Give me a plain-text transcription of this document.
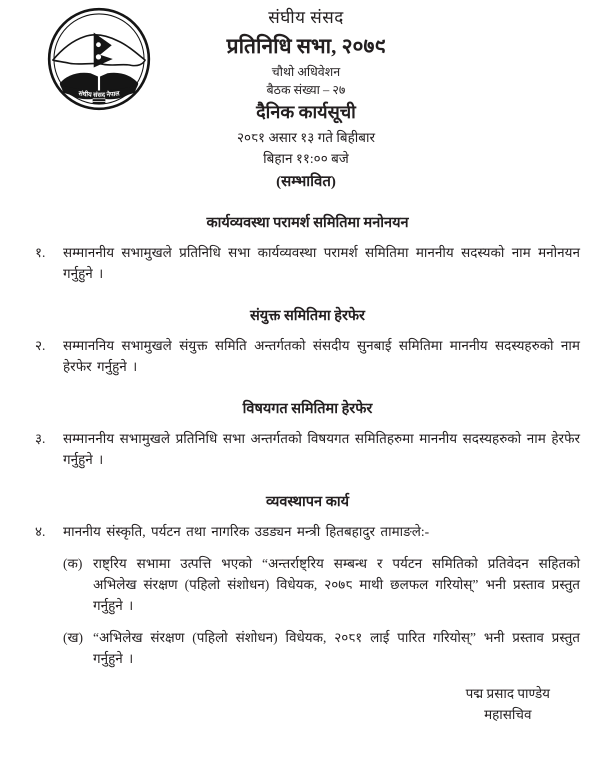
संघीय संसद नेपाल
संघीय संसद
प्रतिनिधि सभा, २०७९
चौथो अधिवेशन
बैठक संख्या – २७
दैनिक कार्यसूची
२०८१ असार १३ गते बिहीबार
बिहान ११:०० बजे
(सम्भावित)
कार्यव्यवस्था परामर्श समितिमा मनोनयन
१.	सम्माननीय सभामुखले प्रतिनिधि सभा कार्यव्यवस्था परामर्श समितिमा माननीय सदस्यको नाम मनोनयन गर्नुहुने ।

संयुक्त समितिमा हेरफेर
२.	सम्माननिय सभामुखले संयुक्त समिति अन्तर्गतको संसदीय सुनबाई समितिमा माननीय सदस्यहरुको नाम हेरफेर गर्नुहुने ।

विषयगत समितिमा हेरफेर
३.	सम्माननीय सभामुखले प्रतिनिधि सभा अन्तर्गतको विषयगत समितिहरुमा माननीय सदस्यहरुको नाम हेरफेर गर्नुहुने ।

व्यवस्थापन कार्य
४.	माननीय संस्कृति, पर्यटन तथा नागरिक उडड्यन मन्त्री हितबहादुर तामाङले:-

(क) राष्ट्रिय सभामा उत्पत्ति भएको “अन्तर्राष्ट्रिय सम्बन्ध र पर्यटन समितिको प्रतिवेदन सहितको अभिलेख संरक्षण (पहिलो संशोधन) विधेयक, २०७८ माथी छलफल गरियोस्” भनी प्रस्ताव प्रस्तुत गर्नुहुने ।

(ख) “अभिलेख संरक्षण (पहिलो संशोधन) विधेयक, २०८१ लाई पारित गरियोस्” भनी प्रस्ताव प्रस्तुत गर्नुहुने ।

पद्म प्रसाद पाण्डेय
महासचिव
